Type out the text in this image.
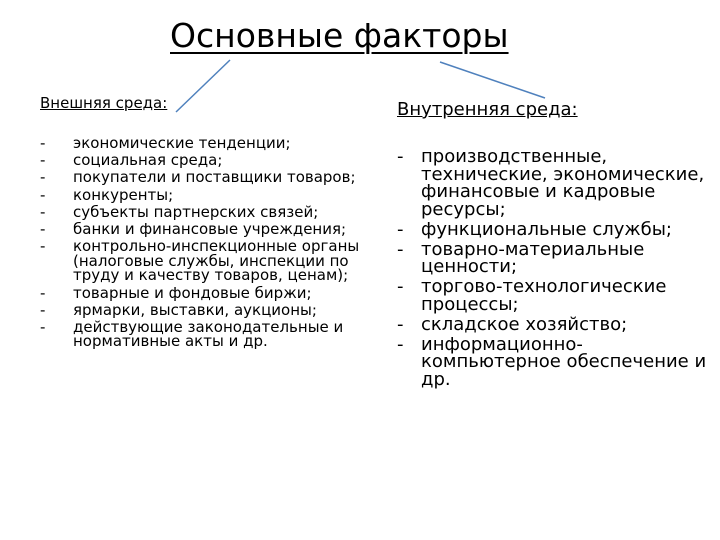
Основные факторы
Внешняя среда:	Внутренняя среда:
- экономические тенденции;
- социальная среда;
- покупатели и поставщики товаров;
- конкуренты;
- субъекты партнерских связей;
- банки и финансовые учреждения;
- контрольно-инспекционные органы (налоговые службы, инспекции по труду и качеству товаров, ценам);
- товарные и фондовые биржи;
- ярмарки, выставки, аукционы;
- действующие законодательные и нормативные акты и др.
- производственные, технические, экономические, финансовые и кадровые ресурсы;
- функциональные службы;
- товарно-материальные ценности;
- торгово-технологические процессы;
- складское хозяйство;
- информационно-компьютерное обеспечение и др.
